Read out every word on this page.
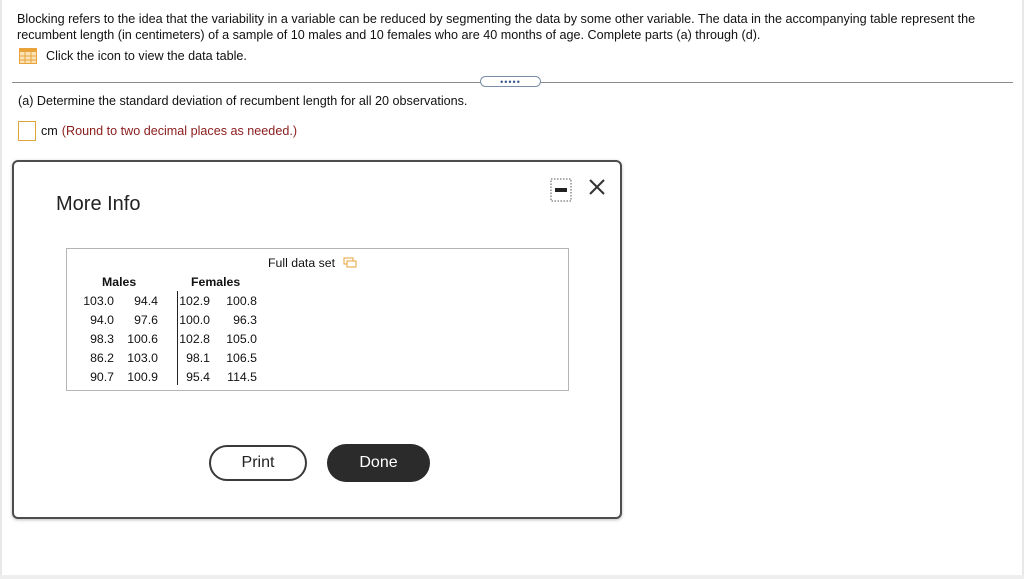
Blocking refers to the idea that the variability in a variable can be reduced by segmenting the data by some other variable. The data in the accompanying table represent the recumbent length (in centimeters) of a sample of 10 males and 10 females who are 40 months of age. Complete parts (a) through (d).
Click the icon to view the data table.
•••••
(a) Determine the standard deviation of recumbent length for all 20 observations.
cm (Round to two decimal places as needed.)
More Info
Full data set
Males	Females
103.0	94.4	102.9	100.8
94.0	97.6	100.0	96.3
98.3	100.6	102.8	105.0
86.2	103.0	98.1	106.5
90.7	100.9	95.4	114.5
Print	Done
